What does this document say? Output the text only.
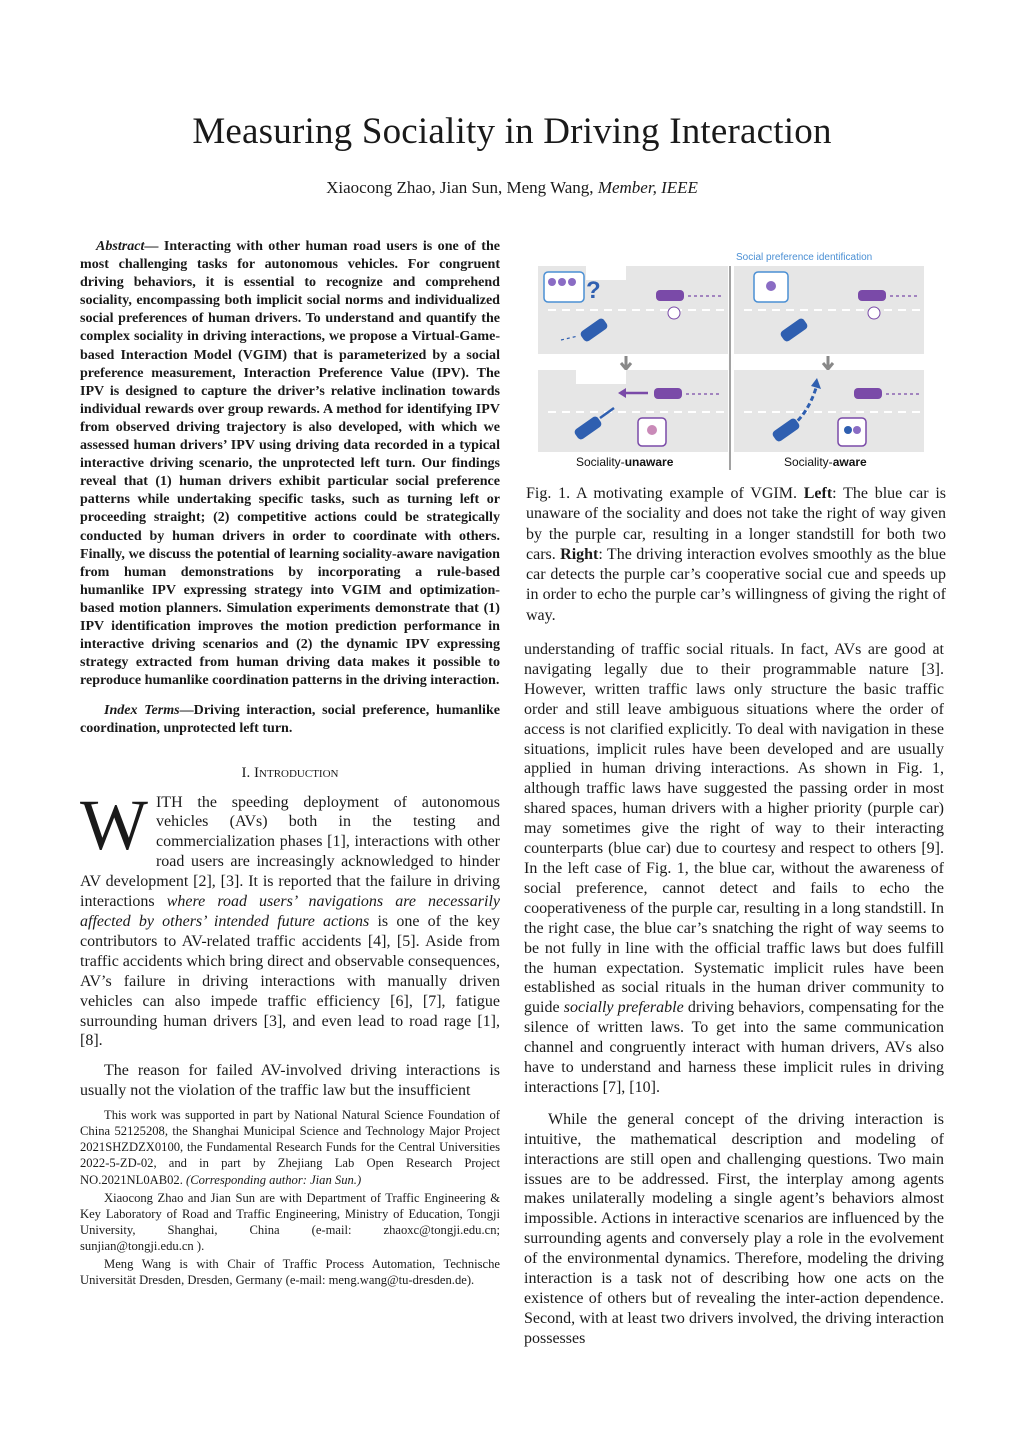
Measuring Sociality in Driving Interaction
Xiaocong Zhao, Jian Sun, Meng Wang, Member, IEEE

Abstract— Interacting with other human road users is one of the most challenging tasks for autonomous vehicles. For congruent driving behaviors, it is essential to recognize and comprehend sociality, encompassing both implicit social norms and individualized social preferences of human drivers. To understand and quantify the complex sociality in driving interactions, we propose a Virtual-Game-based Interaction Model (VGIM) that is parameterized by a social preference measurement, Interaction Preference Value (IPV). The IPV is designed to capture the driver’s relative inclination towards individual rewards over group rewards. A method for identifying IPV from observed driving trajectory is also developed, with which we assessed human drivers’ IPV using driving data recorded in a typical interactive driving scenario, the unprotected left turn. Our findings reveal that (1) human drivers exhibit particular social preference patterns while undertaking specific tasks, such as turning left or proceeding straight; (2) competitive actions could be strategically conducted by human drivers in order to coordinate with others. Finally, we discuss the potential of learning sociality-aware navigation from human demonstrations by incorporating a rule-based humanlike IPV expressing strategy into VGIM and optimization-based motion planners. Simulation experiments demonstrate that (1) IPV identification improves the motion prediction performance in interactive driving scenarios and (2) the dynamic IPV expressing strategy extracted from human driving data makes it possible to reproduce humanlike coordination patterns in the driving interaction.

Index Terms—Driving interaction, social preference, humanlike coordination, unprotected left turn.

I. Introduction

WITH the speeding deployment of autonomous vehicles (AVs) both in the testing and commercialization phases [1], interactions with other road users are increasingly acknowledged to hinder AV development [2], [3]. It is reported that the failure in driving interactions where road users’ navigations are necessarily affected by others’ intended future actions is one of the key contributors to AV-related traffic accidents [4], [5]. Aside from traffic accidents which bring direct and observable consequences, AV’s failure in driving interactions with manually driven vehicles can also impede traffic efficiency [6], [7], fatigue surrounding human drivers [3], and even lead to road rage [1], [8].

The reason for failed AV-involved driving interactions is usually not the violation of the traffic law but the insufficient

This work was supported in part by National Natural Science Foundation of China 52125208, the Shanghai Municipal Science and Technology Major Project 2021SHZDZX0100, the Fundamental Research Funds for the Central Universities 2022-5-ZD-02, and in part by Zhejiang Lab Open Research Project NO.2021NL0AB02. (Corresponding author: Jian Sun.)

Xiaocong Zhao and Jian Sun are with Department of Traffic Engineering & Key Laboratory of Road and Traffic Engineering, Ministry of Education, Tongji University, Shanghai, China (e-mail: zhaoxc@tongji.edu.cn; sunjian@tongji.edu.cn ).

Meng Wang is with Chair of Traffic Process Automation, Technische Universität Dresden, Dresden, Germany (e-mail: meng.wang@tu-dresden.de).

?
Social preference identification
Sociality-unaware	Sociality-aware

Fig. 1. A motivating example of VGIM. Left: The blue car is unaware of the sociality and does not take the right of way given by the purple car, resulting in a longer standstill for both two cars. Right: The driving interaction evolves smoothly as the blue car detects the purple car’s cooperative social cue and speeds up in order to echo the purple car’s willingness of giving the right of way.

understanding of traffic social rituals. In fact, AVs are good at navigating legally due to their programmable nature [3]. However, written traffic laws only structure the basic traffic order and still leave ambiguous situations where the order of access is not clarified explicitly. To deal with navigation in these situations, implicit rules have been developed and are usually applied in human driving interactions. As shown in Fig. 1, although traffic laws have suggested the passing order in most shared spaces, human drivers with a higher priority (purple car) may sometimes give the right of way to their interacting counterparts (blue car) due to courtesy and respect to others [9]. In the left case of Fig. 1, the blue car, without the awareness of social preference, cannot detect and fails to echo the cooperativeness of the purple car, resulting in a long standstill. In the right case, the blue car’s snatching the right of way seems to be not fully in line with the official traffic laws but does fulfill the human expectation. Systematic implicit rules have been established as social rituals in the human driver community to guide socially preferable driving behaviors, compensating for the silence of written laws. To get into the same communication channel and congruently interact with human drivers, AVs also have to understand and harness these implicit rules in driving interactions [7], [10].

While the general concept of the driving interaction is intuitive, the mathematical description and modeling of interactions are still open and challenging questions. Two main issues are to be addressed. First, the interplay among agents makes unilaterally modeling a single agent’s behaviors almost impossible. Actions in interactive scenarios are influenced by the surrounding agents and conversely play a role in the evolvement of the environmental dynamics. Therefore, modeling the driving interaction is a task not of describing how one acts on the existence of others but of revealing the inter-action dependence. Second, with at least two drivers involved, the driving interaction possesses
